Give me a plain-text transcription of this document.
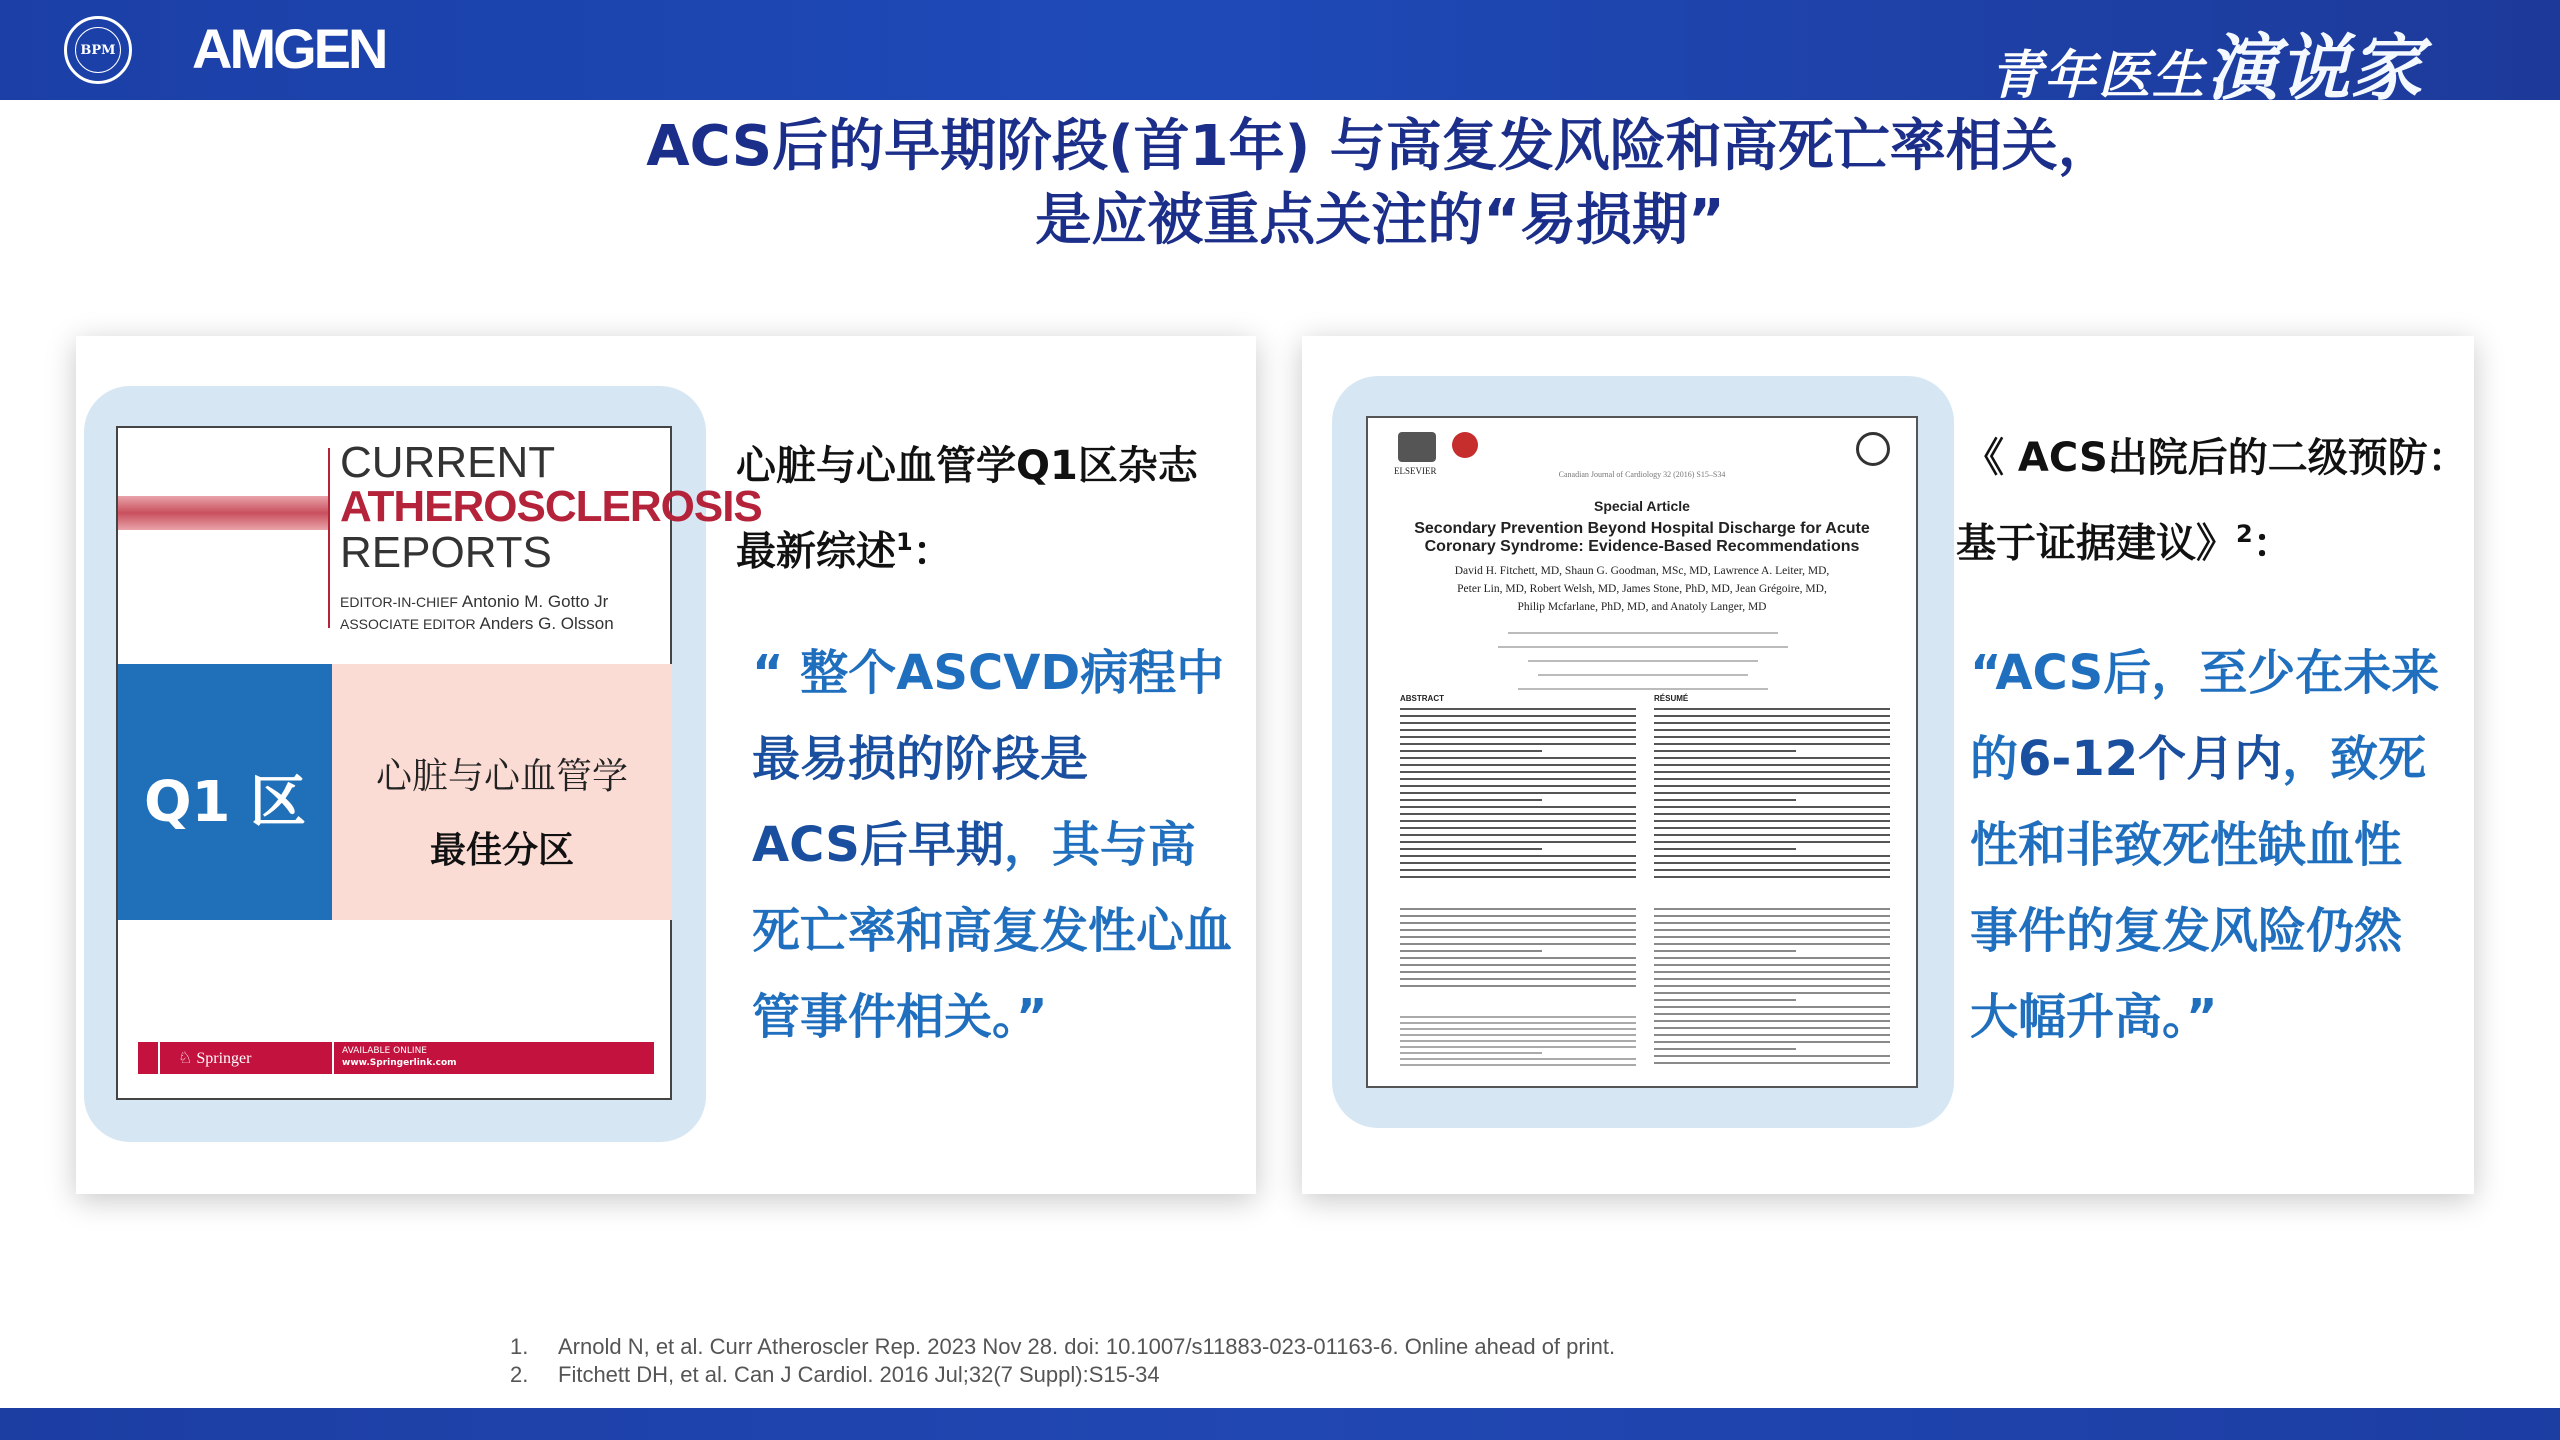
BPM AMGEN	青年医生演说家
ACS后的早期阶段(首1年) 与高复发风险和高死亡率相关，
是应被重点关注的“易损期”
CURRENT
ATHEROSCLEROSIS
REPORTS
EDITOR-IN-CHIEF Antonio M. Gotto Jr
ASSOCIATE EDITOR Anders G. Olsson
Q1 区	心脏与心血管学
最佳分区
♘ Springer	AVAILABLE ONLINE
www.Springerlink.com
心脏与心血管学Q1区杂志
最新综述$^1$：
“ 整个ASCVD病程中
最易损的阶段是
ACS后早期，其与高
死亡率和高复发性心血
管事件相关。”
ELSEVIER	Canadian Journal of Cardiology 32 (2016) S15–S34
Special Article
Secondary Prevention Beyond Hospital Discharge for Acute
Coronary Syndrome: Evidence-Based Recommendations
David H. Fitchett, MD, Shaun G. Goodman, MSc, MD, Lawrence A. Leiter, MD,
Peter Lin, MD, Robert Welsh, MD, James Stone, PhD, MD, Jean Grégoire, MD,
Philip Mcfarlane, PhD, MD, and Anatoly Langer, MD
ABSTRACT	RÉSUMÉ
《 ACS出院后的二级预防：
基于证据建议》$^2$：
“ACS后，至少在未来
的6-12个月内，致死
性和非致死性缺血性
事件的复发风险仍然
大幅升高。”
1. Arnold N, et al. Curr Atheroscler Rep. 2023 Nov 28. doi: 10.1007/s11883-023-01163-6. Online ahead of print.
2. Fitchett DH, et al. Can J Cardiol. 2016 Jul;32(7 Suppl):S15-34
